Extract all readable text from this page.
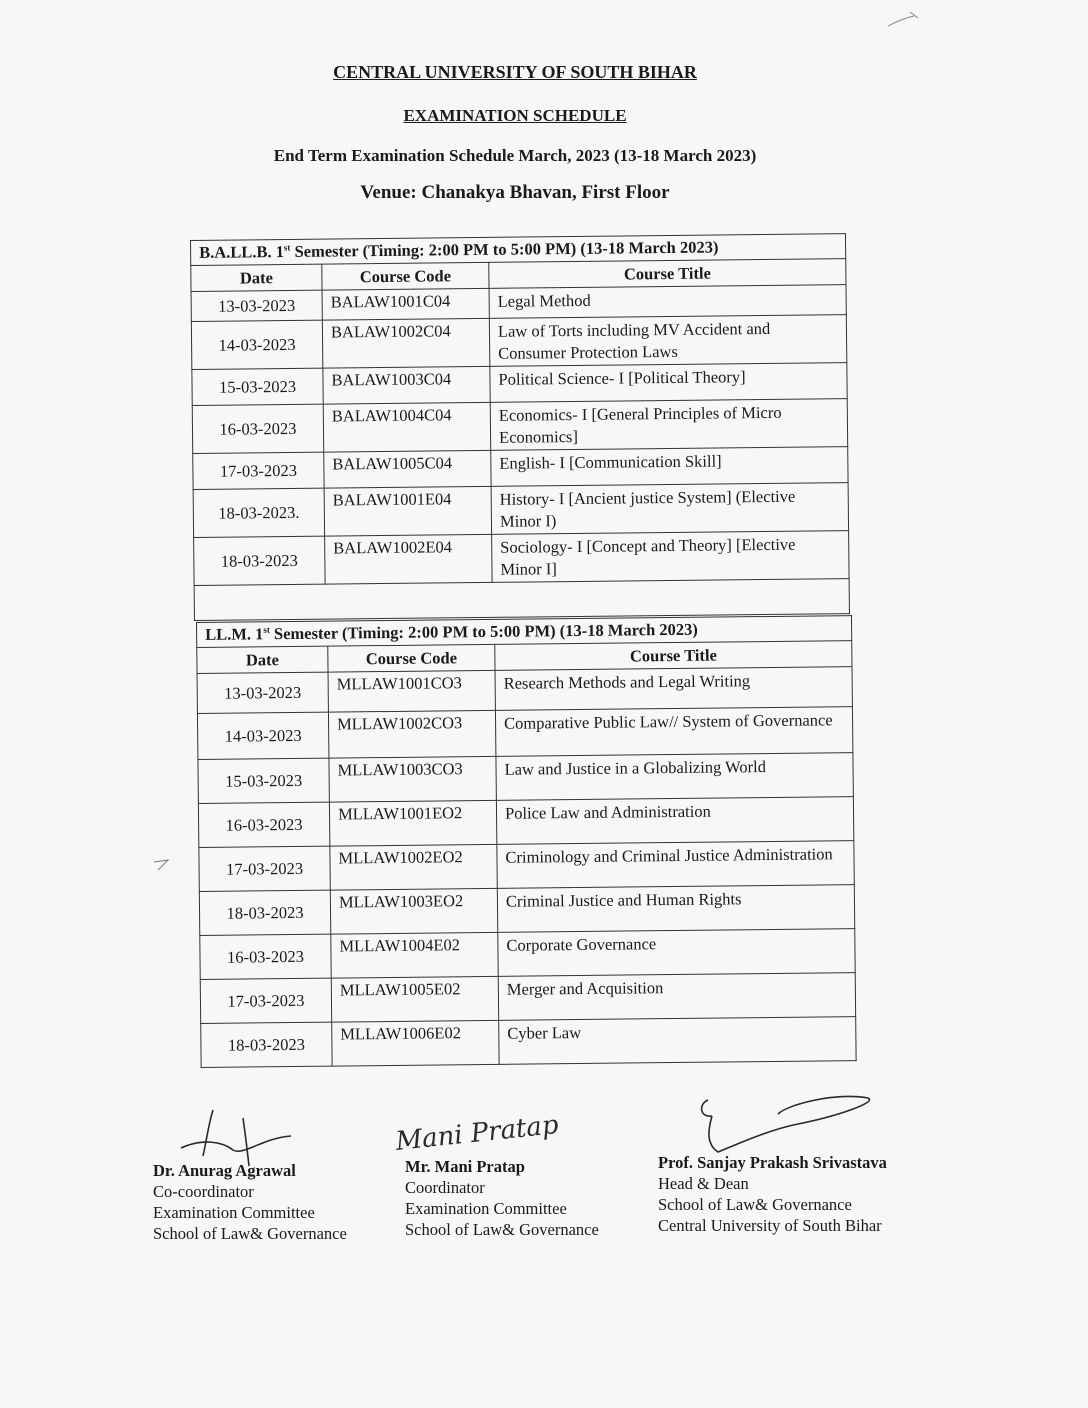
CENTRAL UNIVERSITY OF SOUTH BIHAR
EXAMINATION SCHEDULE
End Term Examination Schedule March, 2023 (13-18 March 2023)
Venue: Chanakya Bhavan, First Floor
B.A.LL.B. 1st Semester (Timing: 2:00 PM to 5:00 PM) (13-18 March 2023)		
Date	Course Code	Course Title
13-03-2023	BALAW1001C04	Legal Method
14-03-2023	BALAW1002C04	Law of Torts including MV Accident and Consumer Protection Laws
15-03-2023	BALAW1003C04	Political Science- I [Political Theory]
16-03-2023	BALAW1004C04	Economics- I [General Principles of Micro Economics]
17-03-2023	BALAW1005C04	English- I [Communication Skill]
18-03-2023.	BALAW1001E04	History- I [Ancient justice System] (Elective Minor I)
18-03-2023	BALAW1002E04	Sociology- I [Concept and Theory] [Elective Minor I]

LL.M. 1st Semester (Timing: 2:00 PM to 5:00 PM) (13-18 March 2023)		
Date	Course Code	Course Title
13-03-2023	MLLAW1001CO3	Research Methods and Legal Writing
14-03-2023	MLLAW1002CO3	Comparative Public Law// System of Governance
15-03-2023	MLLAW1003CO3	Law and Justice in a Globalizing World
16-03-2023	MLLAW1001EO2	Police Law and Administration
17-03-2023	MLLAW1002EO2	Criminology and Criminal Justice Administration
18-03-2023	MLLAW1003EO2	Criminal Justice and Human Rights
16-03-2023	MLLAW1004E02	Corporate Governance
17-03-2023	MLLAW1005E02	Merger and Acquisition
18-03-2023	MLLAW1006E02	Cyber Law
Dr. Anurag Agrawal
Co-coordinator
Examination Committee
School of Law& Governance
Mani Pratap
Mr. Mani Pratap
Coordinator
Examination Committee
School of Law& Governance
Prof. Sanjay Prakash Srivastava
Head & Dean
School of Law& Governance
Central University of South Bihar
